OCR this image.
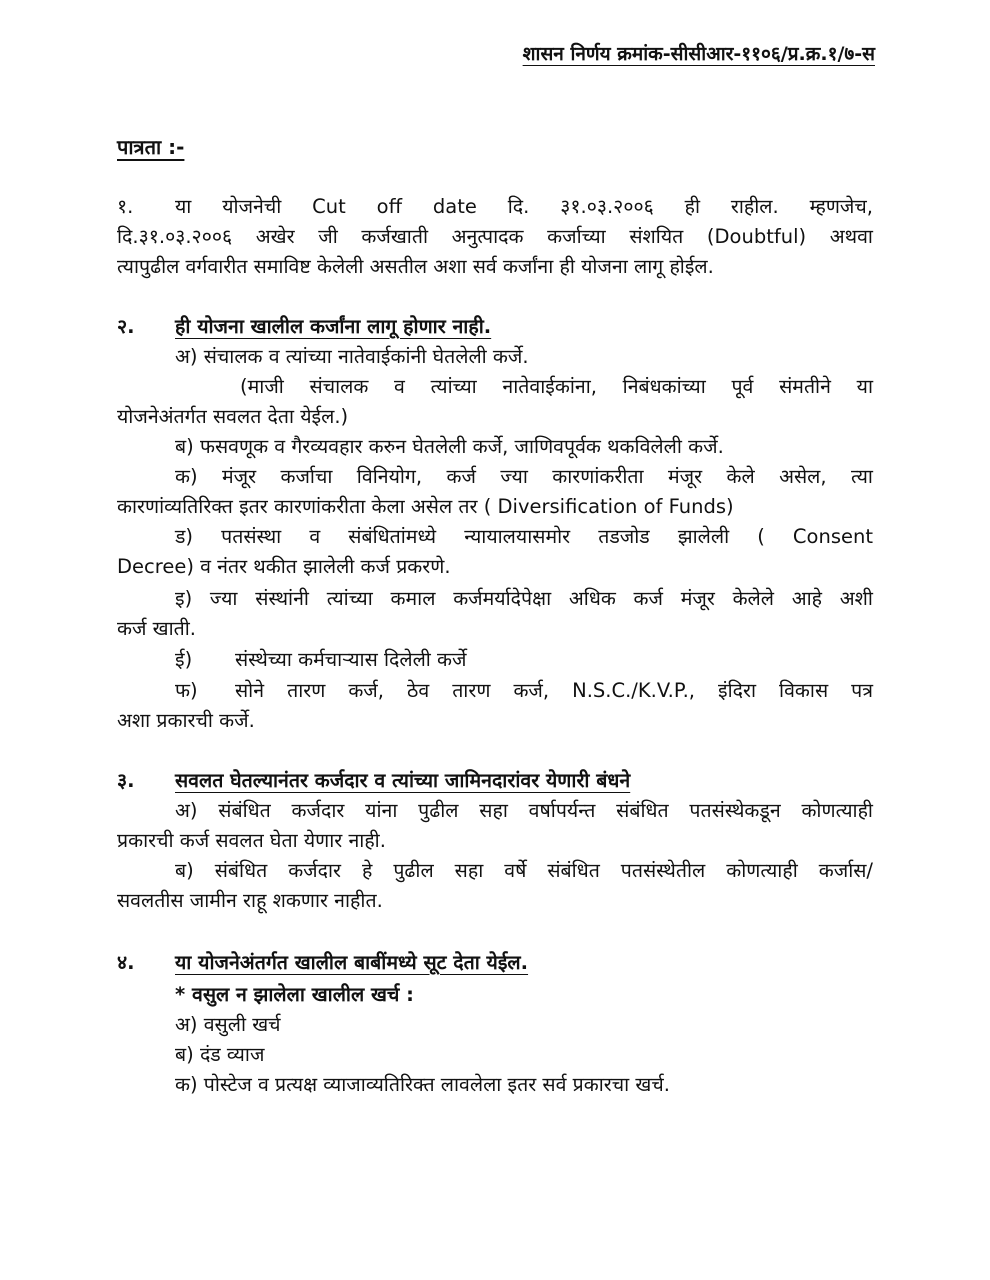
शासन निर्णय क्रमांक-सीसीआर-११०६/प्र.क्र.१/७-स
पात्रता :-
१. या योजनेची Cut off date दि. ३१.०३.२००६ ही राहील. म्हणजेच,
दि.३१.०३.२००६ अखेर जी कर्जखाती अनुत्पादक कर्जाच्या संशयित (Doubtful) अथवा
त्यापुढील वर्गवारीत समाविष्ट केलेली असतील अशा सर्व कर्जांना ही योजना लागू होईल.
२. ही योजना खालील कर्जांना लागू होणार नाही.
अ) संचालक व त्यांच्या नातेवाईकांनी घेतलेली कर्जे.
(माजी संचालक व त्यांच्या नातेवाईकांना, निबंधकांच्या पूर्व संमतीने या
योजनेअंतर्गत सवलत देता येईल.)
ब) फसवणूक व गैरव्यवहार करुन घेतलेली कर्जे, जाणिवपूर्वक थकविलेली कर्जे.
क) मंजूर कर्जाचा विनियोग, कर्ज ज्या कारणांकरीता मंजूर केले असेल, त्या
कारणांव्यतिरिक्त इतर कारणांकरीता केला असेल तर ( Diversification of Funds)
ड) पतसंस्था व संबंधितांमध्ये न्यायालयासमोर तडजोड झालेली ( Consent
Decree) व नंतर थकीत झालेली कर्ज प्रकरणे.
इ) ज्या संस्थांनी त्यांच्या कमाल कर्जमर्यादेपेक्षा अधिक कर्ज मंजूर केलेले आहे अशी
कर्ज खाती.
ई) संस्थेच्या कर्मचाऱ्यास दिलेली कर्जे
फ) सोने तारण कर्ज, ठेव तारण कर्ज, N.S.C./K.V.P., इंदिरा विकास पत्र
अशा प्रकारची कर्जे.
३. सवलत घेतल्यानंतर कर्जदार व त्यांच्या जामिनदारांवर येणारी बंधने
अ) संबंधित कर्जदार यांना पुढील सहा वर्षापर्यन्त संबंधित पतसंस्थेकडून कोणत्याही
प्रकारची कर्ज सवलत घेता येणार नाही.
ब) संबंधित कर्जदार हे पुढील सहा वर्षे संबंधित पतसंस्थेतील कोणत्याही कर्जास/
सवलतीस जामीन राहू शकणार नाहीत.
४. या योजनेअंतर्गत खालील बाबींमध्ये सूट देता येईल.
* वसुल न झालेला खालील खर्च :
अ) वसुली खर्च
ब) दंड व्याज
क) पोस्टेज व प्रत्यक्ष व्याजाव्यतिरिक्त लावलेला इतर सर्व प्रकारचा खर्च.
